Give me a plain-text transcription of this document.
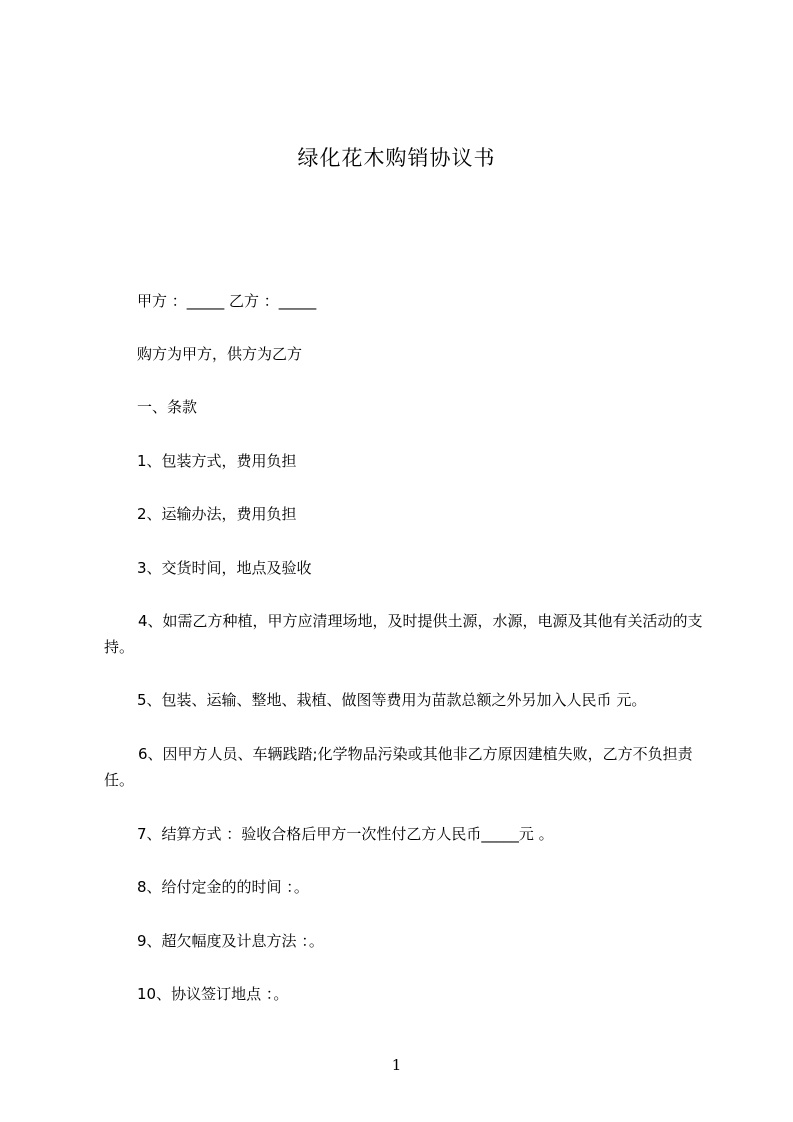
绿化花木购销协议书
甲方 ：_____ 乙方 ：_____
购方为甲方，供方为乙方
一、条款
1、包装方式，费用负担
2、运输办法，费用负担
3、交货时间，地点及验收
4、如需乙方种植，甲方应清理场地，及时提供土源，水源，电源及其他有关活动的支持。
5、包装、运输、整地、栽植、做图等费用为苗款总额之外另加入人民币 元。
6、因甲方人员、车辆践踏;化学物品污染或其他非乙方原因建植失败，乙方不负担责任。
7、结算方式 ：验收合格后甲方一次性付乙方人民币_____元 。
8、给付定金的的时间 ：。
9、超欠幅度及计息方法 ：。
10、协议签订地点 ：。
1
